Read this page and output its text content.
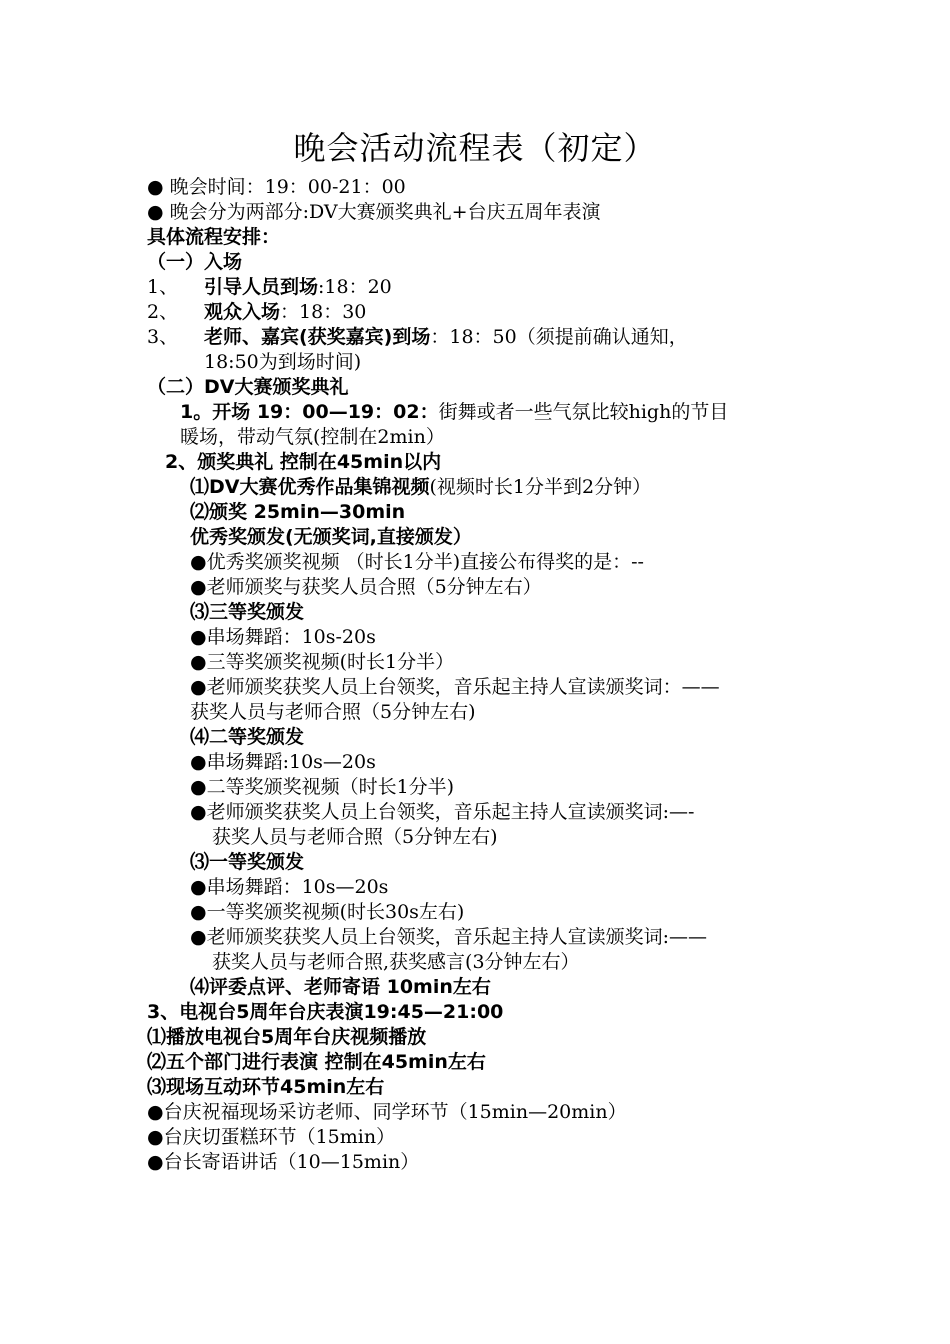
晚会活动流程表（初定）
● 晚会时间：19：00-21：00
● 晚会分为两部分:DV大赛颁奖典礼+台庆五周年表演
具体流程安排：
（一）入场
1、 引导人员到场:18：20
2、 观众入场：18：30
3、 老师、嘉宾(获奖嘉宾)到场：18：50（须提前确认通知，
18:50为到场时间)
（二）DV大赛颁奖典礼
1。开场 19：00—19：02：街舞或者一些气氛比较high的节目
暖场，带动气氛(控制在2min）
2、颁奖典礼 控制在45min以内
⑴DV大赛优秀作品集锦视频(视频时长1分半到2分钟）
⑵颁奖 25min—30min
优秀奖颁发(无颁奖词,直接颁发）
●优秀奖颁奖视频 （时长1分半)直接公布得奖的是：--
●老师颁奖与获奖人员合照（5分钟左右）
⑶三等奖颁发
●串场舞蹈：10s-20s
●三等奖颁奖视频(时长1分半）
●老师颁奖获奖人员上台领奖，音乐起主持人宣读颁奖词：——
获奖人员与老师合照（5分钟左右)
⑷二等奖颁发
●串场舞蹈:10s—20s
●二等奖颁奖视频（时长1分半)
●老师颁奖获奖人员上台领奖，音乐起主持人宣读颁奖词:—-
获奖人员与老师合照（5分钟左右)
⑶一等奖颁发
●串场舞蹈：10s—20s
●一等奖颁奖视频(时长30s左右)
●老师颁奖获奖人员上台领奖，音乐起主持人宣读颁奖词:——
获奖人员与老师合照,获奖感言(3分钟左右）
⑷评委点评、老师寄语 10min左右
3、电视台5周年台庆表演19:45—21:00
⑴播放电视台5周年台庆视频播放
⑵五个部门进行表演 控制在45min左右
⑶现场互动环节45min左右
●台庆祝福现场采访老师、同学环节（15min—20min）
●台庆切蛋糕环节（15min）
●台长寄语讲话（10—15min）
